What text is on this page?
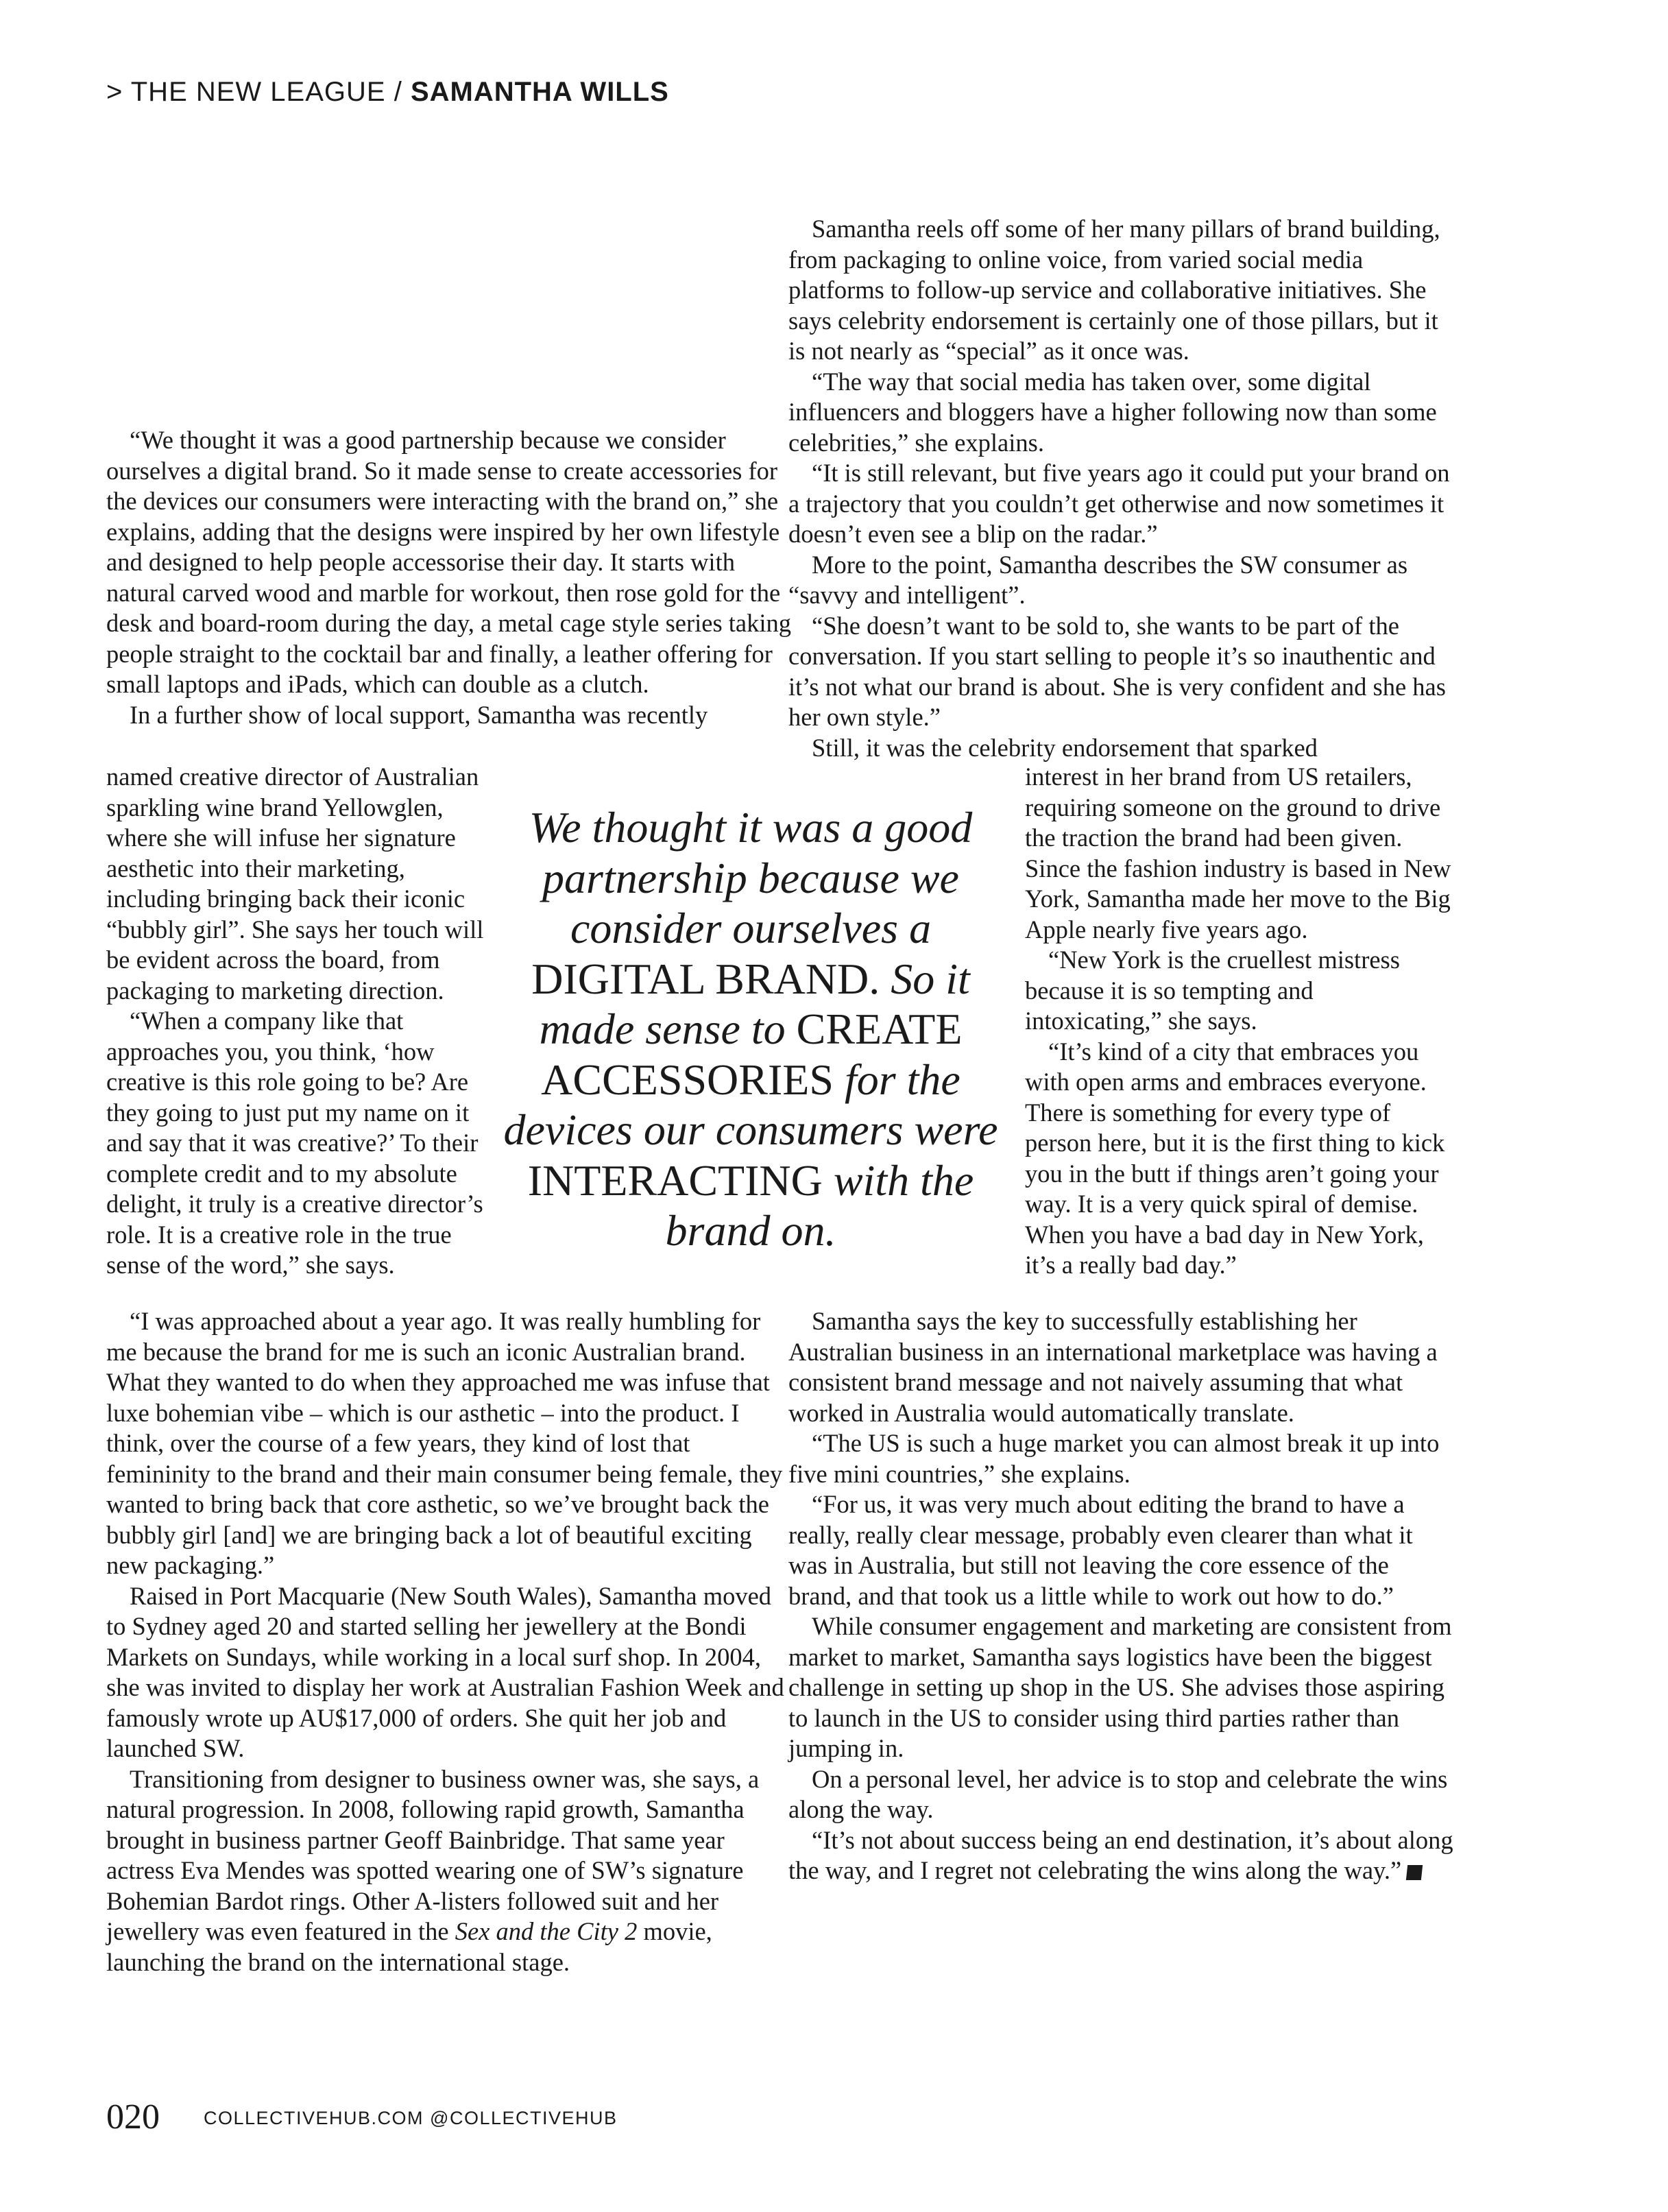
> THE NEW LEAGUE / SAMANTHA WILLS

“We thought it was a good partnership because we consider ourselves a digital brand. So it made sense to create accessories for the devices our consumers were interacting with the brand on,” she explains, adding that the designs were inspired by her own lifestyle and designed to help people accessorise their day. It starts with natural carved wood and marble for workout, then rose gold for the desk and board-room during the day, a metal cage style series taking people straight to the cocktail bar and finally, a leather offering for small laptops and iPads, which can double as a clutch.

In a further show of local support, Samantha was recently

named creative director of Australian sparkling wine brand Yellowglen, where she will infuse her signature aesthetic into their marketing, including bringing back their iconic “bubbly girl”. She says her touch will be evident across the board, from packaging to marketing direction.

“When a company like that approaches you, you think, ‘how creative is this role going to be? Are they going to just put my name on it and say that it was creative?’ To their complete credit and to my absolute delight, it truly is a creative director’s role. It is a creative role in the true sense of the word,” she says.

“I was approached about a year ago. It was really humbling for me because the brand for me is such an iconic Australian brand. What they wanted to do when they approached me was infuse that luxe bohemian vibe – which is our asthetic – into the product. I think, over the course of a few years, they kind of lost that femininity to the brand and their main consumer being female, they wanted to bring back that core asthetic, so we’ve brought back the bubbly girl [and] we are bringing back a lot of beautiful exciting new packaging.”

Raised in Port Macquarie (New South Wales), Samantha moved to Sydney aged 20 and started selling her jewellery at the Bondi Markets on Sundays, while working in a local surf shop. In 2004, she was invited to display her work at Australian Fashion Week and famously wrote up AU$17,000 of orders. She quit her job and launched SW.

Transitioning from designer to business owner was, she says, a natural progression. In 2008, following rapid growth, Samantha brought in business partner Geoff Bainbridge. That same year actress Eva Mendes was spotted wearing one of SW’s signature Bohemian Bardot rings. Other A-listers followed suit and her jewellery was even featured in the Sex and the City 2 movie, launching the brand on the international stage.

We thought it was a good partnership because we consider ourselves a DIGITAL BRAND. So it made sense to CREATE ACCESSORIES for the devices our consumers were INTERACTING with the brand on.

Samantha reels off some of her many pillars of brand building, from packaging to online voice, from varied social media platforms to follow-up service and collaborative initiatives. She says celebrity endorsement is certainly one of those pillars, but it is not nearly as “special” as it once was.

“The way that social media has taken over, some digital influencers and bloggers have a higher following now than some celebrities,” she explains.

“It is still relevant, but five years ago it could put your brand on a trajectory that you couldn’t get otherwise and now sometimes it doesn’t even see a blip on the radar.”

More to the point, Samantha describes the SW consumer as “savvy and intelligent”.

“She doesn’t want to be sold to, she wants to be part of the conversation. If you start selling to people it’s so inauthentic and it’s not what our brand is about. She is very confident and she has her own style.”

Still, it was the celebrity endorsement that sparked

interest in her brand from US retailers, requiring someone on the ground to drive the traction the brand had been given. Since the fashion industry is based in New York, Samantha made her move to the Big Apple nearly five years ago.

“New York is the cruellest mistress because it is so tempting and intoxicating,” she says.

“It’s kind of a city that embraces you with open arms and embraces everyone. There is something for every type of person here, but it is the first thing to kick you in the butt if things aren’t going your way. It is a very quick spiral of demise. When you have a bad day in New York, it’s a really bad day.”

Samantha says the key to successfully establishing her Australian business in an international marketplace was having a consistent brand message and not naively assuming that what worked in Australia would automatically translate.

“The US is such a huge market you can almost break it up into five mini countries,” she explains.

“For us, it was very much about editing the brand to have a really, really clear message, probably even clearer than what it was in Australia, but still not leaving the core essence of the brand, and that took us a little while to work out how to do.”

While consumer engagement and marketing are consistent from market to market, Samantha says logistics have been the biggest challenge in setting up shop in the US. She advises those aspiring to launch in the US to consider using third parties rather than jumping in.

On a personal level, her advice is to stop and celebrate the wins along the way.

“It’s not about success being an end destination, it’s about along the way, and I regret not celebrating the wins along the way.”

020 COLLECTIVEHUB.COM @COLLECTIVEHUB
